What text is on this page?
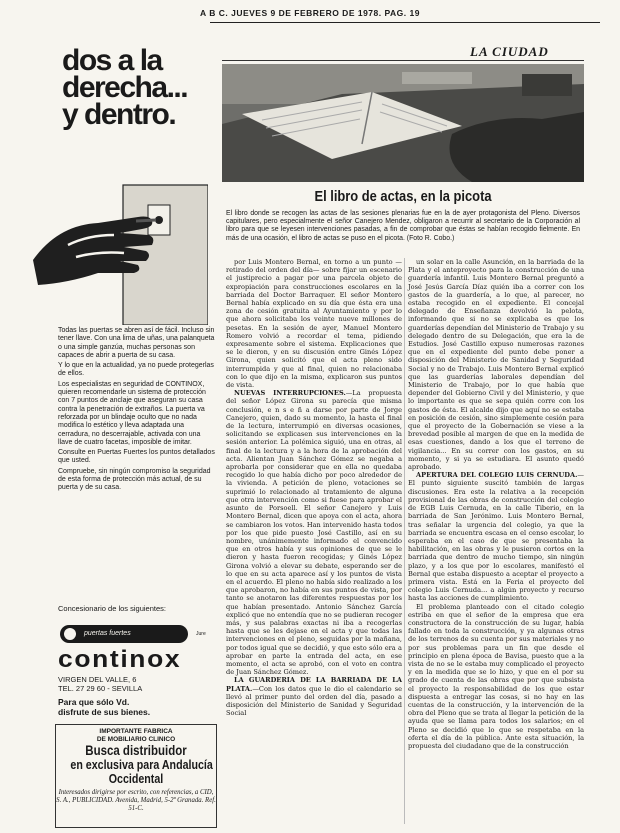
A B C. JUEVES 9 DE FEBRERO DE 1978. PAG. 19
LA CIUDAD
dos a la
derecha...
y dentro.

Todas las puertas se abren así de fácil. Incluso sin tener llave. Con una lima de uñas, una palanqueta o una simple ganzúa, muchas personas son capaces de abrir a puerta de su casa.

Y lo que en la actualidad, ya no puede protegerlas de ellos.

Los especialistas en seguridad de CONTINOX, quieren recomendarle un sistema de protección con 7 puntos de anclaje que aseguran su casa contra la penetración de extraños. La puerta va reforzada por un blindaje oculto que no nada modifica lo estético y lleva adaptada una cerradura, no descerrajable, activada con una llave de cuatro facetas, imposible de imitar.

Consulte en Puertas Fuertes los puntos detallados que usted.

Compruebe, sin ningún compromiso la seguridad de esta forma de protección más actual, de su puerta y de su casa.

Concesionario de los siguientes:
puertas fuertes	Jure
continox
VIRGEN DEL VALLE, 6
TEL. 27 29 60 - SEVILLA
Para que sólo Vd.
disfrute de sus bienes.
IMPORTANTE FABRICA
DE MOBILIARIO CLINICO
Busca distribuidor
en exclusiva para Andalucía
Occidental
Interesados dirigirse por escrito, con referencias, a CID, S. A., PUBLICIDAD. Avenida, Madrid, 5-2ª Granada. Ref. 51-C.
El libro de actas, en la picota
El libro donde se recogen las actas de las sesiones plenarias fue en la de ayer protagonista del Pleno. Diversos capitulares, pero especialmente el señor Canejero Mendez, obligaron a recurrir al secretario de la Corporación al libro para que se leyesen intervenciones pasadas, a fin de comprobar que éstas se habían recogido fielmente. En más de una ocasión, el libro de actas se puso en el picota. (Foto R. Cobo.)

por Luis Montero Bernal, en torno a un punto —retirado del orden del día— sobre fijar un escenario el justiprecio a pagar por una parcela objeto de expropiación para construcciones escolares en la barriada del Doctor Barraquer. El señor Montero Bernal había explicado en su día que ésta era una zona de cesión gratuita al Ayuntamiento y por lo que ahora solicitaba los veinte nueve millones de pesetas. En la sesión de ayer, Manuel Montero Romero volvió a recordar el tema, pidiendo expresamente sobre el sistema. Explicaciones que se le dieron, y en su discusión entre Ginés López Girona, quien solicitó que el acta pleno sido interrumpida y que al final, quien no relacionaba con lo que dijo en la misma, explicaron sus puntos de vista.

NUEVAS INTERRUPCIONES.—La propuesta del señor López Girona su parecía que misma conclusión, e n s e ñ a darse por parte de Jorge Canejero, quien, dado su momento, la hasta el final de la lectura, interrumpió en diversas ocasiones, solicitando se explicasen sus intervenciones en la sesión anterior. La polémica siguió, una en otras, al final de la lectura y a la hora de la aprobación del acta. Alientan Juan Sánchez Gómez se negaba a aprobarla por considerar que en ella no quedaba recogido lo que había dicho por poco alrededor de la vivienda. A petición de pleno, votaciones se suprimió lo relacionado al tratamiento de alguna que otra intervención como si fuese para aprobar el asunto de Porsoell. El señor Canejero y Luis Montero Bernal, dicen que apoya con el acta, ahora se cambiaron los votos. Han intervenido hasta todos por los que pide puesto José Castillo, así en su nombre, unánimemente informado el convencido que en otros había y sus opiniones de que se le dieron y hasta fueron recogidas; y Ginés López Girona volvió a elevar su debate, esperando ser de lo que en su acta aparece así y los puntos de vista en el acuerdo. El pleno no había sido realizado a los que aprobaron, no había en sus puntos de vista, por tanto se anotaron las diferentes respuestas por los que habían presentado. Antonio Sánchez García explicó que no entendía que no se pudieran recoger más, y sus palabras exactas ni iba a recogerlas hasta que se les dejase en el acta y que todas las intervenciones en el pleno, seguidas por la mañana, por todos igual que se decidió, y que esto sólo era a aprobar en parte la entrada del acta, en ese momento, el acta se aprobó, con el voto en contra de Juan Sánchez Gómez.

LA GUARDERIA DE LA BARRIADA DE LA PLATA.—Con los datos que le dio el calendario se llevó al primer punto del orden del día, pasado a disposición del Ministerio de Sanidad y Seguridad Social

un solar en la calle Asunción, en la barriada de la Plata y el anteproyecto para la construcción de una guardería infantil. Luis Montero Bernal preguntó a José Jesús García Díaz quién iba a correr con los gastos de la guardería, a lo que, al parecer, no estaba recogido en el expediente. El concejal delegado de Enseñanza devolvió la pelota, informando que si no se explicaba es que los guarderías dependían del Ministerio de Trabajo y su delegado dentro de su Delegación, que era la de Estudios. José Castillo expuso numerosas razones que en el expediente del punto debe poner a disposición del Ministerio de Sanidad y Seguridad Social y no de Trabajo. Luis Montero Bernal explicó que las guarderías laborales dependían del Ministerio de Trabajo, por lo que había que depender del Gobierno Civil y del Ministerio, y que lo importante es que se sepa quién corre con los gastos de ésta. El alcalde dijo que aquí no se estaba en posición de cesión, sino simplemente cesión para que el proyecto de la Gobernación se viese a la brevedad posible al margen de que en la medida de esas cuestiones, dando a los que el terreno de vigilancia... En su correr con los gastos, en su momento, y si ya se estudiara. El asunto quedó aprobado.

APERTURA DEL COLEGIO LUIS CERNUDA.—El punto siguiente suscitó también de largas discusiones. Era este la relativa a la recepción provisional de las obras de construcción del colegio de EGB Luis Cernuda, en la calle Tiberio, en la barriada de San Jerónimo. Luis Montero Bernal, tras señalar la urgencia del colegio, ya que la barriada se encuentra escasa en el censo escolar, lo esperaba en el caso de que se presentaba la habilitación, en las obras y le pusieron cortos en la barriada que dentro de mucho tiempo, sin ningún plazo, y a los que por lo escolares, manifestó el Bernal que estaba dispuesto a aceptar el proyecto a primera vista. Está en la Feria el proyecto del colegio Luis Cernuda... a algún proyecto y recurso hasta las acciones de cumplimiento.

El problema planteado con el citado colegio estriba en que el señor de la empresa que era constructora de la construcción de su lugar, había fallado en toda la construcción, y ya algunas otras de los terrenos de su cuenta por sus materiales y no por sus problemas para un fin que desde el principio en plena época de Bavisa, puesto que a la vista de no se le estaba muy complicado el proyecto y en la medida que se lo hizo, y que en el por su grado de cuenta de las obras que por que subsista el proyecto la responsabilidad de los que estar dispuesta a entregar las cosas, si no hay en las cuentas de la construcción, y la intervención de la obra del Pleno que se trata al llegar la petición de la ayuda que se llama para todos los salarios; en el Pleno se decidió que lo que se respetaba en la oferta el día de la pública. Ante esta situación, la propuesta del ciudadano que de la construcción
